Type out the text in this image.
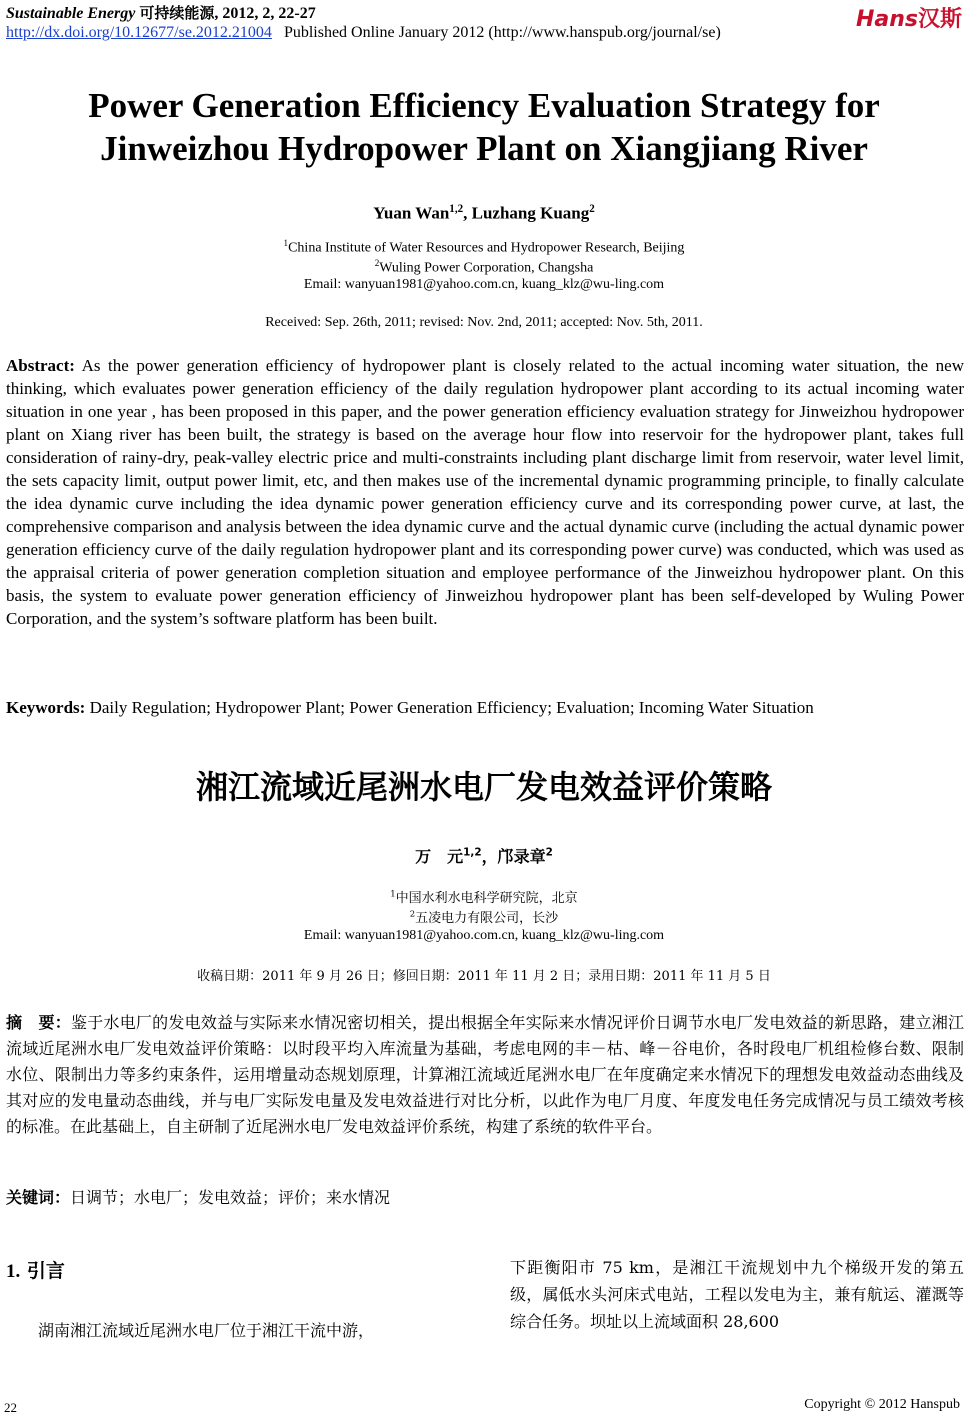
Sustainable Energy 可持续能源, 2012, 2, 22-27
http://dx.doi.org/10.12677/se.2012.21004 Published Online January 2012 (http://www.hanspub.org/journal/se)
Hans汉斯
Power Generation Efficiency Evaluation Strategy for
Jinweizhou Hydropower Plant on Xiangjiang River
Yuan Wan$^{1,2}$, Luzhang Kuang$^2$
$^1$China Institute of Water Resources and Hydropower Research, Beijing
$^2$Wuling Power Corporation, Changsha
Email: wanyuan1981@yahoo.com.cn, kuang_klz@wu-ling.com
Received: Sep. 26th, 2011; revised: Nov. 2nd, 2011; accepted: Nov. 5th, 2011.
Abstract: As the power generation efficiency of hydropower plant is closely related to the actual incoming water situation, the new thinking, which evaluates power generation efficiency of the daily regulation hydropower plant according to its actual incoming water situation in one year , has been proposed in this paper, and the power generation efficiency evaluation strategy for Jinweizhou hydropower plant on Xiang river has been built, the strategy is based on the average hour flow into reservoir for the hydropower plant, takes full consideration of rainy-dry, peak-valley electric price and multi-constraints including plant discharge limit from reservoir, water level limit, the sets capacity limit, output power limit, etc, and then makes use of the incremental dynamic programming principle, to finally calculate the idea dynamic curve including the idea dynamic power generation efficiency curve and its corresponding power curve, at last, the comprehensive comparison and analysis between the idea dynamic curve and the actual dynamic curve (including the actual dynamic power generation efficiency curve of the daily regulation hydropower plant and its corresponding power curve) was conducted, which was used as the appraisal criteria of power generation completion situation and employee performance of the Jinweizhou hydropower plant. On this basis, the system to evaluate power generation efficiency of Jinweizhou hydropower plant has been self-developed by Wuling Power Corporation, and the system’s software platform has been built.
Keywords: Daily Regulation; Hydropower Plant; Power Generation Efficiency; Evaluation; Incoming Water Situation
湘江流域近尾洲水电厂发电效益评价策略
万　元$^{1,2}$，邝录章$^2$
$^1$中国水利水电科学研究院，北京
$^2$五凌电力有限公司，长沙
Email: wanyuan1981@yahoo.com.cn, kuang_klz@wu-ling.com
收稿日期：2011 年 9 月 26 日；修回日期：2011 年 11 月 2 日；录用日期：2011 年 11 月 5 日
摘　要：鉴于水电厂的发电效益与实际来水情况密切相关，提出根据全年实际来水情况评价日调节水电厂发电效益的新思路，建立湘江流域近尾洲水电厂发电效益评价策略：以时段平均入库流量为基础，考虑电网的丰－枯、峰－谷电价，各时段电厂机组检修台数、限制水位、限制出力等多约束条件，运用增量动态规划原理，计算湘江流域近尾洲水电厂在年度确定来水情况下的理想发电效益动态曲线及其对应的发电量动态曲线，并与电厂实际发电量及发电效益进行对比分析，以此作为电厂月度、年度发电任务完成情况与员工绩效考核的标准。在此基础上，自主研制了近尾洲水电厂发电效益评价系统，构建了系统的软件平台。
关键词：日调节；水电厂；发电效益；评价；来水情况
1. 引言
湖南湘江流域近尾洲水电厂位于湘江干流中游，
下距衡阳市 75 km，是湘江干流规划中九个梯级开发的第五级，属低水头河床式电站，工程以发电为主，兼有航运、灌溉等综合任务。坝址以上流域面积 28,600
22	Copyright © 2012 Hanspub
